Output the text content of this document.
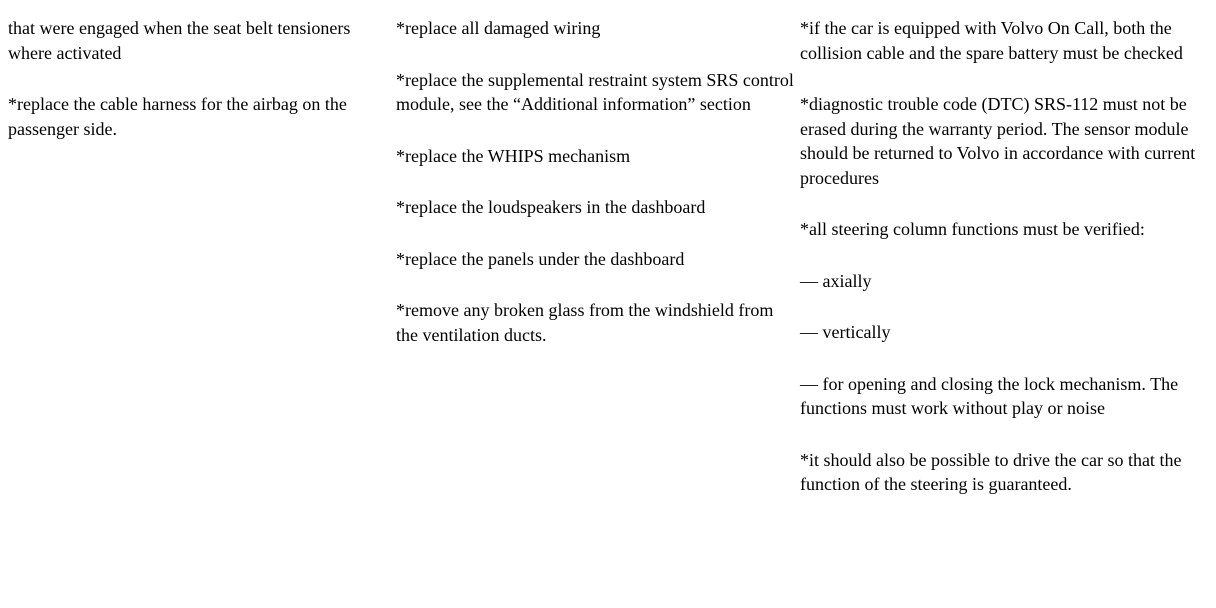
that were engaged when the seat belt tensioners where activated

*replace the cable harness for the airbag on the passenger side.

*replace all damaged wiring

*replace the supplemental restraint system SRS control module, see the “Additional information” section

*replace the WHIPS mechanism

*replace the loudspeakers in the dashboard

*replace the panels under the dashboard

*remove any broken glass from the windshield from the ventilation ducts.

*if the car is equipped with Volvo On Call, both the collision cable and the spare battery must be checked

*diagnostic trouble code (DTC) SRS-112 must not be erased during the warranty period. The sensor module should be returned to Volvo in accordance with current procedures

*all steering column functions must be verified:

— axially

— vertically

— for opening and closing the lock mechanism. The functions must work without play or noise

*it should also be possible to drive the car so that the function of the steering is guaranteed.
